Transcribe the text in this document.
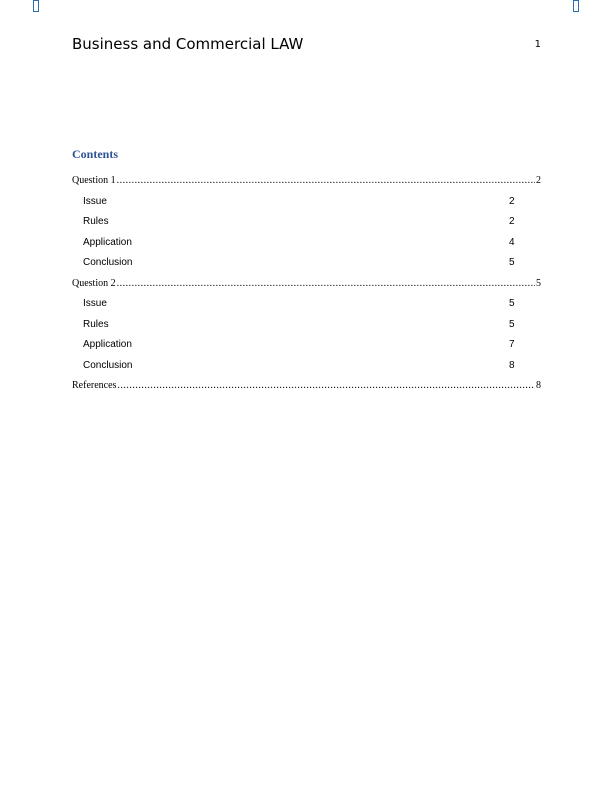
Business and Commercial LAW	1
Contents
Question 1 .....	2
Issue	2
Rules	2
Application	4
Conclusion	5
Question 2 .....	5
Issue	5
Rules	5
Application	7
Conclusion	8
References .....	8
